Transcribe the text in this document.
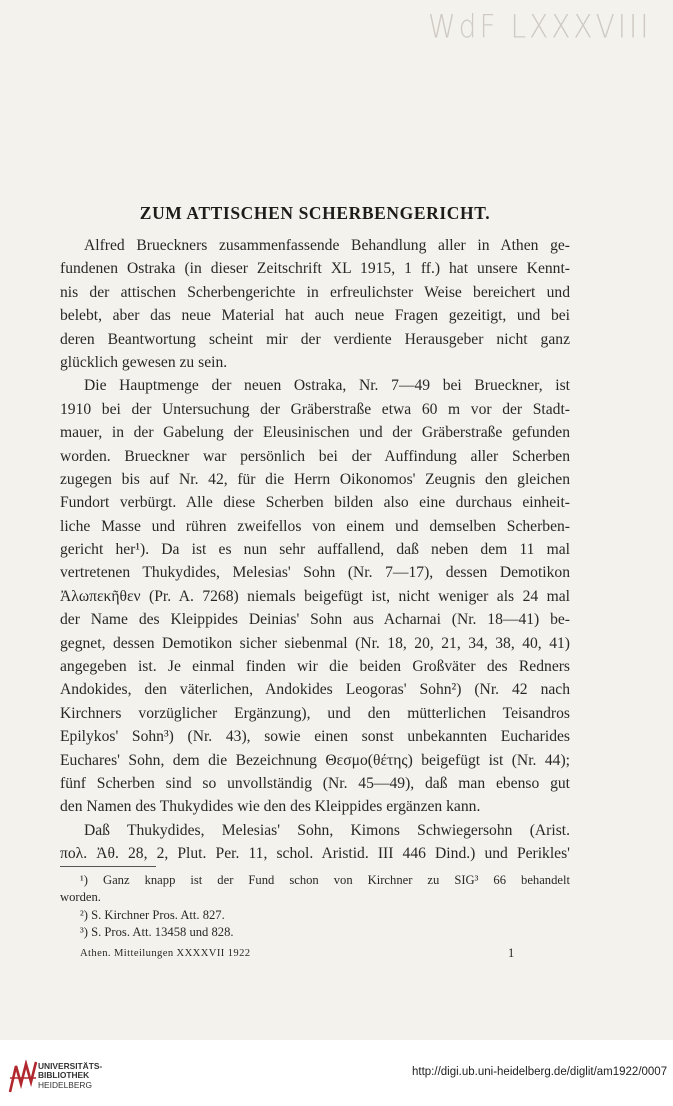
WdF LXXXVIII
ZUM ATTISCHEN SCHERBENGERICHT.
Alfred Brueckners zusammenfassende Behandlung aller in Athen ge-
fundenen Ostraka (in dieser Zeitschrift XL 1915, 1 ff.) hat unsere Kennt-
nis der attischen Scherbengerichte in erfreulichster Weise bereichert und
belebt, aber das neue Material hat auch neue Fragen gezeitigt, und bei
deren Beantwortung scheint mir der verdiente Herausgeber nicht ganz
glücklich gewesen zu sein.
Die Hauptmenge der neuen Ostraka, Nr. 7—49 bei Brueckner, ist
1910 bei der Untersuchung der Gräberstraße etwa 60 m vor der Stadt-
mauer, in der Gabelung der Eleusinischen und der Gräberstraße gefunden
worden. Brueckner war persönlich bei der Auffindung aller Scherben
zugegen bis auf Nr. 42, für die Herrn Oikonomos' Zeugnis den gleichen
Fundort verbürgt. Alle diese Scherben bilden also eine durchaus einheit-
liche Masse und rühren zweifellos von einem und demselben Scherben-
gericht her¹). Da ist es nun sehr auffallend, daß neben dem 11 mal
vertretenen Thukydides, Melesias' Sohn (Nr. 7—17), dessen Demotikon
Ἀλωπεκῆθεν (Pr. A. 7268) niemals beigefügt ist, nicht weniger als 24 mal
der Name des Kleippides Deinias' Sohn aus Acharnai (Nr. 18—41) be-
gegnet, dessen Demotikon sicher siebenmal (Nr. 18, 20, 21, 34, 38, 40, 41)
angegeben ist. Je einmal finden wir die beiden Großväter des Redners
Andokides, den väterlichen, Andokides Leogoras' Sohn²) (Nr. 42 nach
Kirchners vorzüglicher Ergänzung), und den mütterlichen Teisandros
Epilykos' Sohn³) (Nr. 43), sowie einen sonst unbekannten Eucharides
Euchares' Sohn, dem die Bezeichnung Θεσμο(θέτης) beigefügt ist (Nr. 44);
fünf Scherben sind so unvollständig (Nr. 45—49), daß man ebenso gut
den Namen des Thukydides wie den des Kleippides ergänzen kann.
Daß Thukydides, Melesias' Sohn, Kimons Schwiegersohn (Arist.
πολ. Ἀθ. 28, 2, Plut. Per. 11, schol. Aristid. III 446 Dind.) und Perikles'
¹) Ganz knapp ist der Fund schon von Kirchner zu SIG³ 66 behandelt
worden.
²) S. Kirchner Pros. Att. 827.
³) S. Pros. Att. 13458 und 828.
Athen. Mitteilungen XXXXVII 1922	1
UNIVERSITÄTS-
BIBLIOTHEK
HEIDELBERG
http://digi.ub.uni-heidelberg.de/diglit/am1922/0007
